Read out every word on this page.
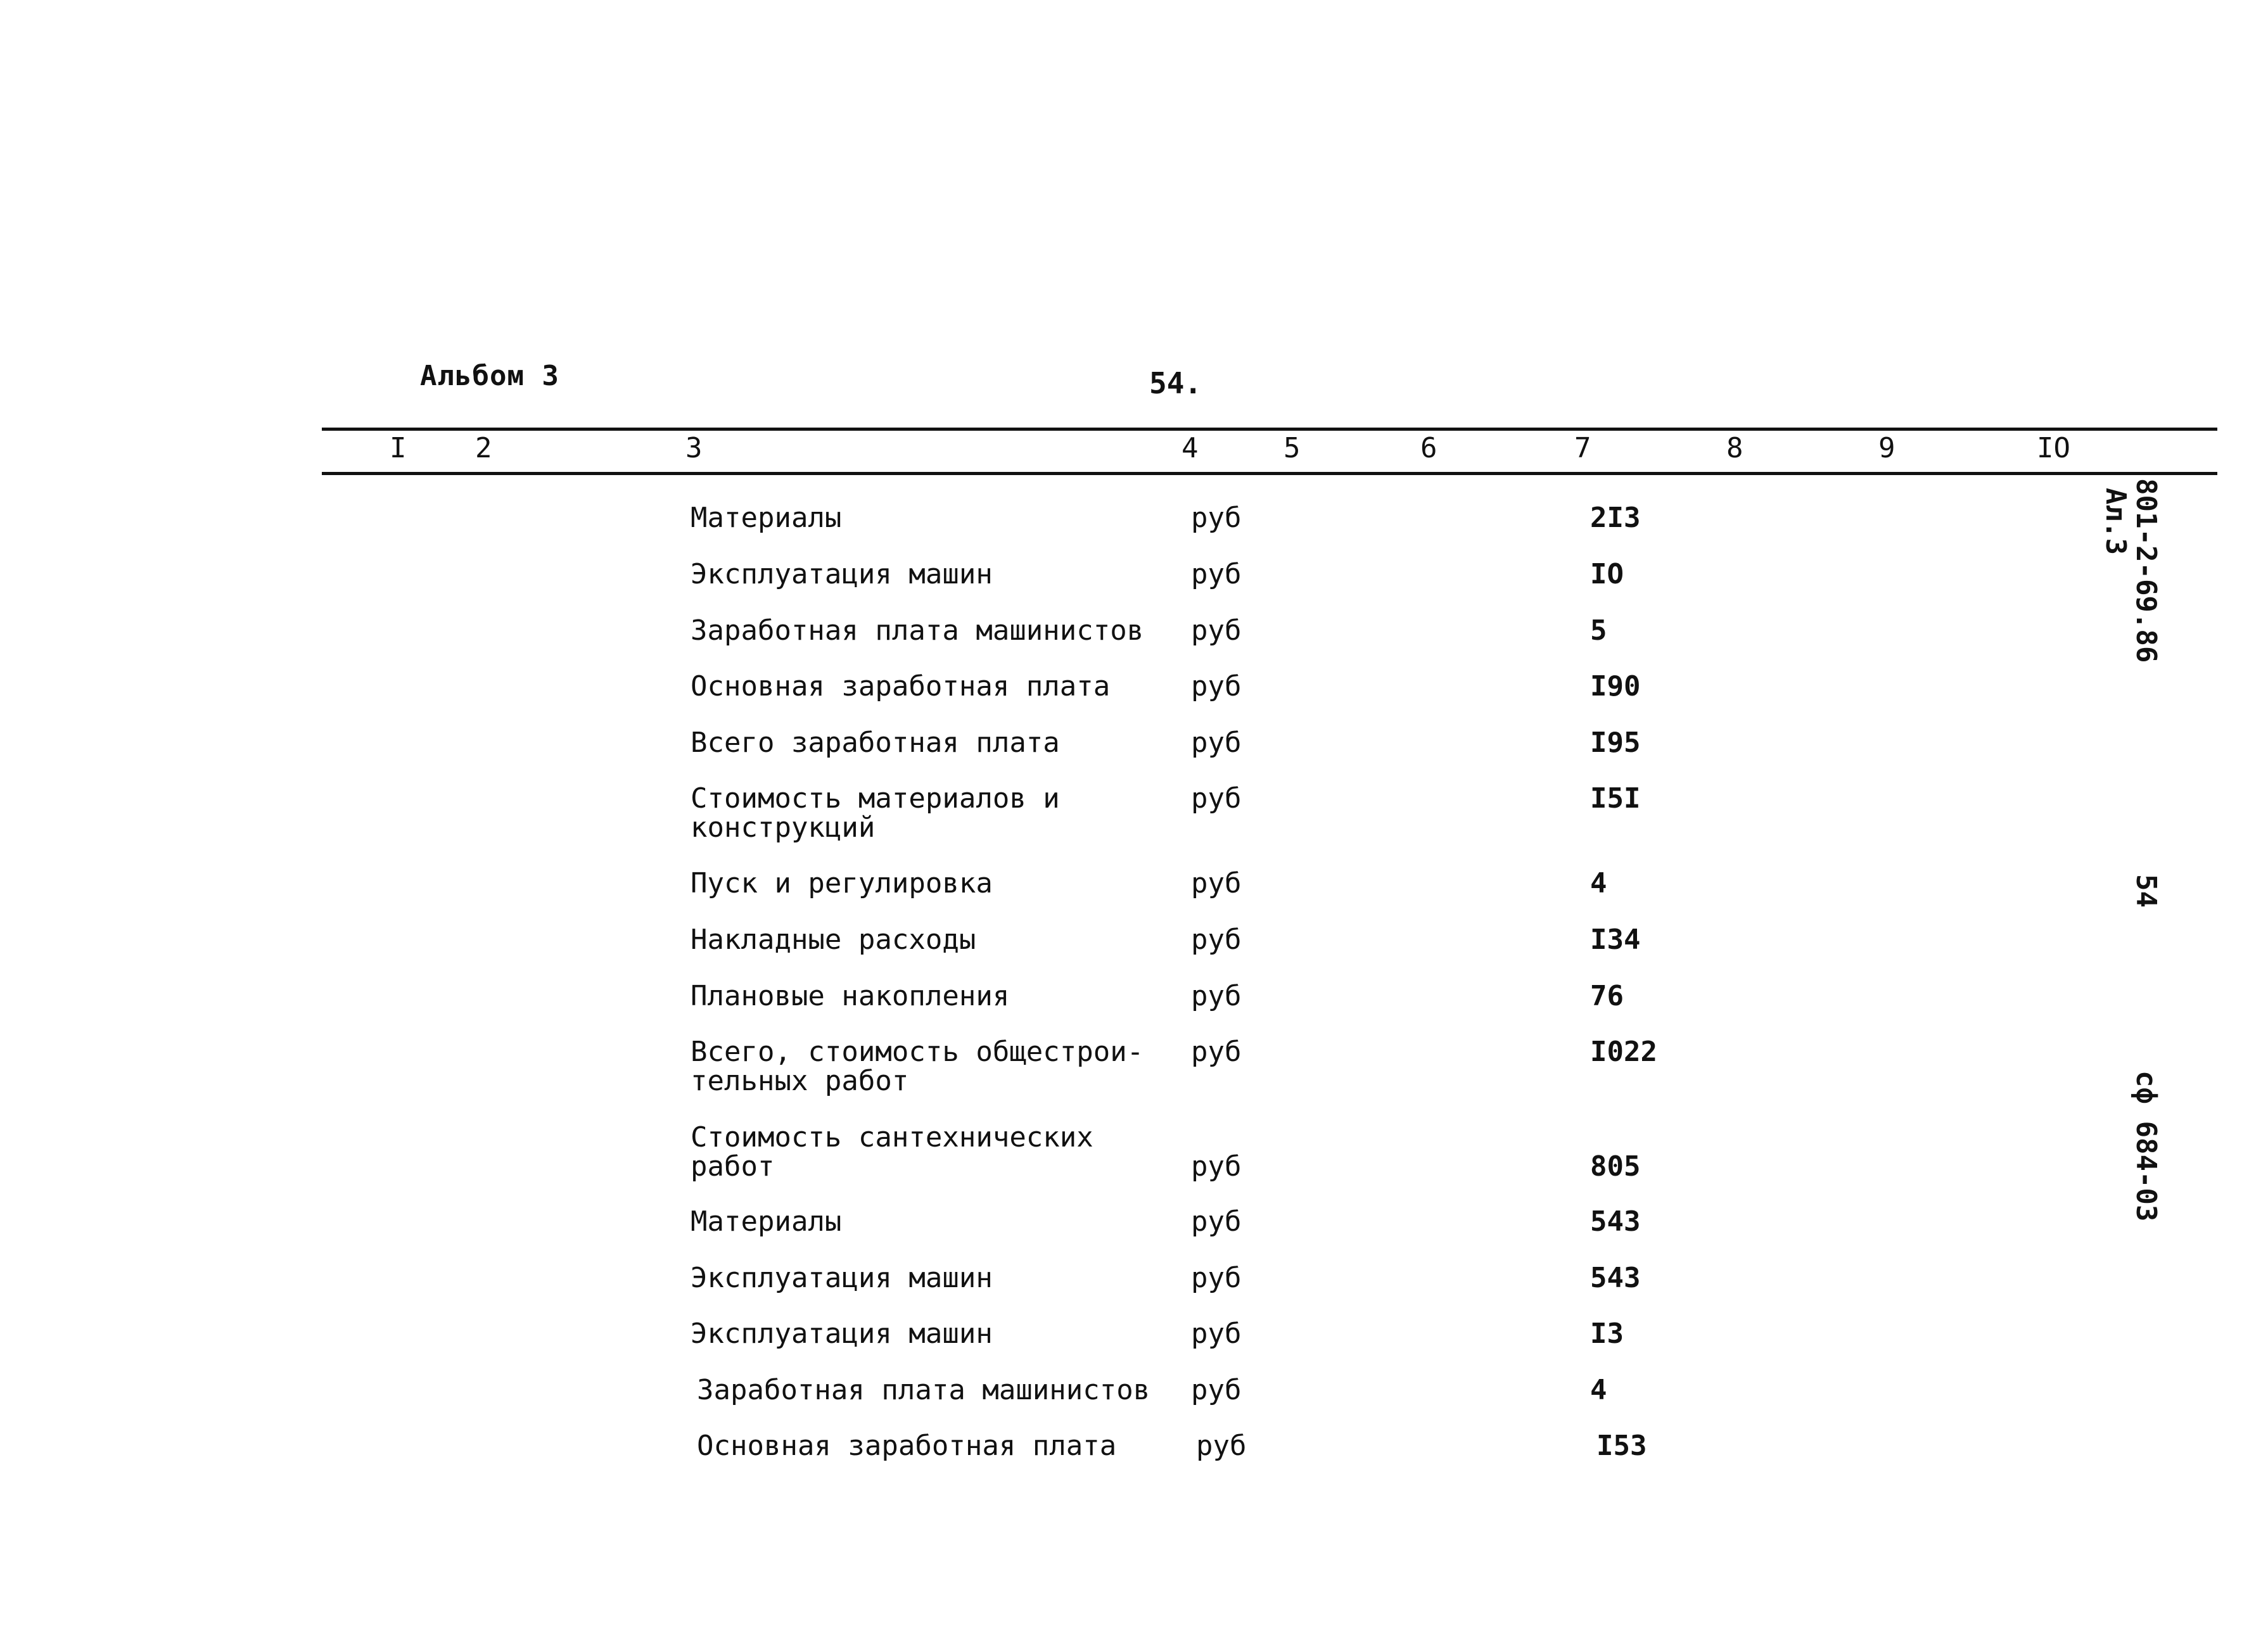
Альбом 3	54.
I 2	3	4	5	6	7	8	9	IO
Материалы	руб	2I3
Эксплуатация машин	руб	IO
Заработная плата машинистов руб	5
Основная заработная плата	руб	I90
Всего заработная плата	руб	I95
Стоимость материалов и
конструкций
руб	I5I
Пуск и регулировка	руб	4
Накладные расходы	руб	I34
Плановые накопления	руб	76
Всего, стоимость общестрои-
тельных работ
руб	I022
Стоимость сантехнических
работ	руб	805
Материалы	руб	543
Эксплуатация машин	руб	543
Эксплуатация машин	руб	I3
Заработная плата машинистов руб	4
Основная заработная плата	руб	I53
801-2-69.86
Ал.3
54
сф 684-03
